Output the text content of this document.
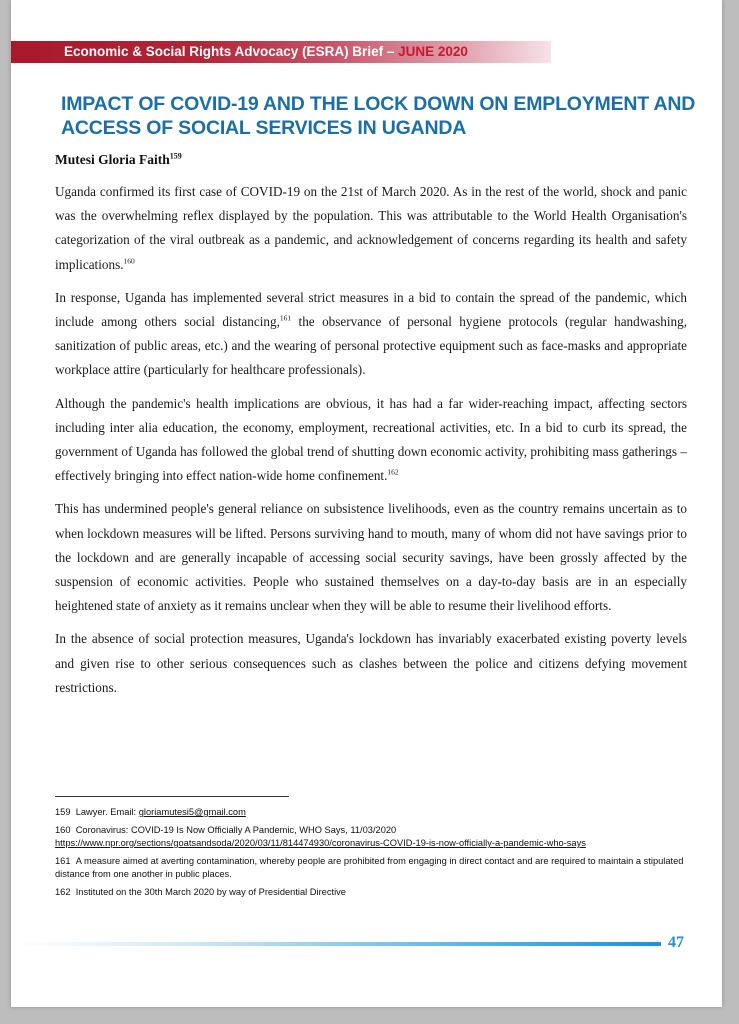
Economic & Social Rights Advocacy (ESRA) Brief – JUNE 2020
IMPACT OF COVID-19 AND THE LOCK DOWN ON EMPLOYMENT AND ACCESS OF SOCIAL SERVICES IN UGANDA
Mutesi Gloria Faith$^{159}$

Uganda confirmed its first case of COVID-19 on the 21st of March 2020. As in the rest of the world, shock and panic was the overwhelming reflex displayed by the population. This was attributable to the World Health Organisation's categorization of the viral outbreak as a pandemic, and acknowledgement of concerns regarding its health and safety implications.$^{160}$

In response, Uganda has implemented several strict measures in a bid to contain the spread of the pandemic, which include among others social distancing,$^{161}$ the observance of personal hygiene protocols (regular handwashing, sanitization of public areas, etc.) and the wearing of personal protective equipment such as face-masks and appropriate workplace attire (particularly for healthcare professionals).

Although the pandemic's health implications are obvious, it has had a far wider-reaching impact, affecting sectors including inter alia education, the economy, employment, recreational activities, etc. In a bid to curb its spread, the government of Uganda has followed the global trend of shutting down economic activity, prohibiting mass gatherings – effectively bringing into effect nation-wide home confinement.$^{162}$

This has undermined people's general reliance on subsistence livelihoods, even as the country remains uncertain as to when lockdown measures will be lifted. Persons surviving hand to mouth, many of whom did not have savings prior to the lockdown and are generally incapable of accessing social security savings, have been grossly affected by the suspension of economic activities. People who sustained themselves on a day-to-day basis are in an especially heightened state of anxiety as it remains unclear when they will be able to resume their livelihood efforts.

In the absence of social protection measures, Uganda's lockdown has invariably exacerbated existing poverty levels and given rise to other serious consequences such as clashes between the police and citizens defying movement restrictions.

159 Lawyer. Email: gloriamutesi5@gmail.com

160 Coronavirus: COVID-19 Is Now Officially A Pandemic, WHO Says, 11/03/2020 https://www.npr.org/sections/goatsandsoda/2020/03/11/814474930/coronavirus-COVID-19-is-now-officially-a-pandemic-who-says

161 A measure aimed at averting contamination, whereby people are prohibited from engaging in direct contact and are required to maintain a stipulated distance from one another in public places.

162 Instituted on the 30th March 2020 by way of Presidential Directive

47
